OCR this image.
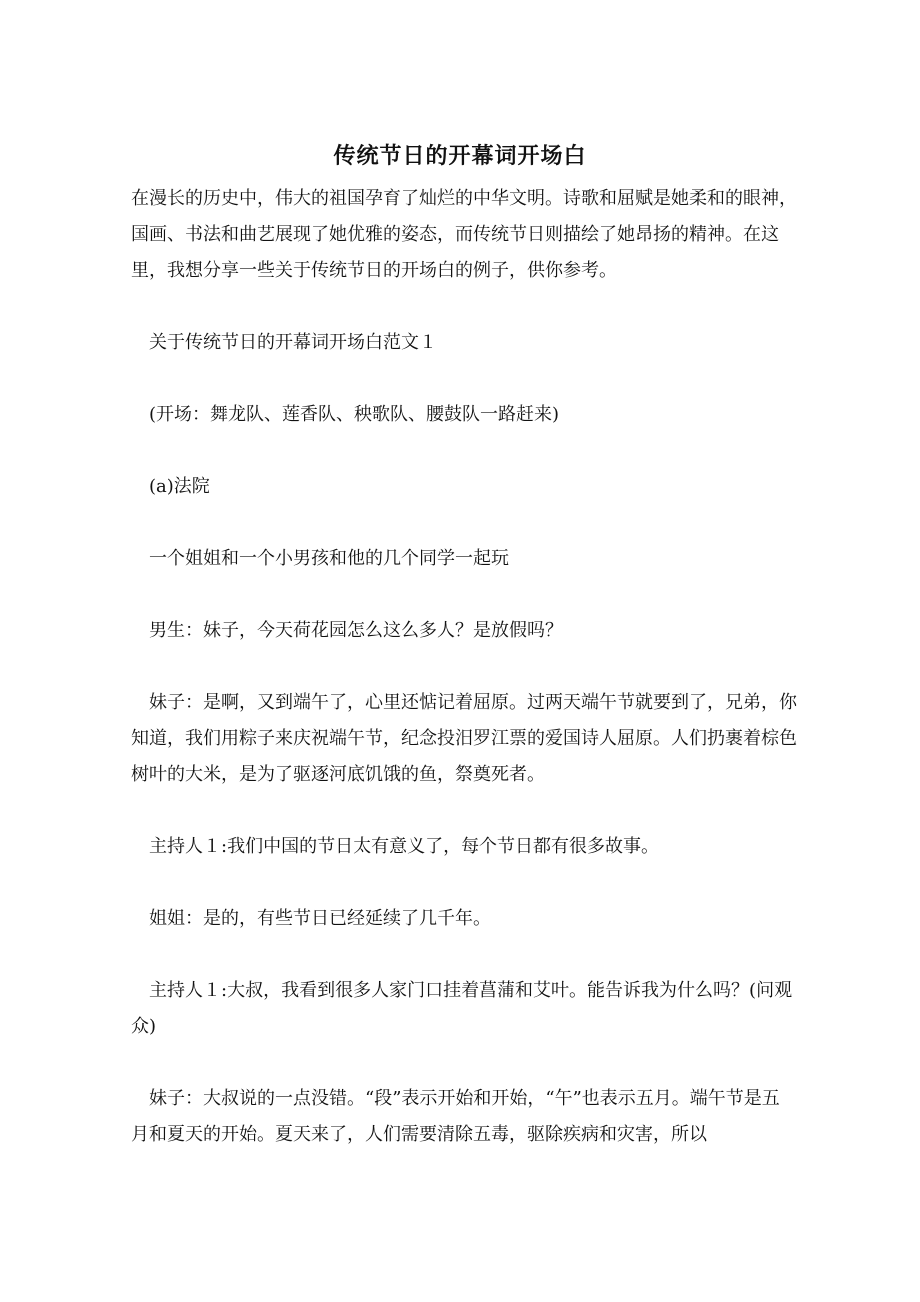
传统节日的开幕词开场白

在漫长的历史中，伟大的祖国孕育了灿烂的中华文明。诗歌和屈赋是她柔和的眼神，国画、书法和曲艺展现了她优雅的姿态，而传统节日则描绘了她昂扬的精神。在这里，我想分享一些关于传统节日的开场白的例子，供你参考。

　关于传统节日的开幕词开场白范文１

　(开场：舞龙队、莲香队、秧歌队、腰鼓队一路赶来)

　(a)法院

　一个姐姐和一个小男孩和他的几个同学一起玩

　男生：妹子，今天荷花园怎么这么多人？是放假吗？

　妹子：是啊，又到端午了，心里还惦记着屈原。过两天端午节就要到了，兄弟，你知道，我们用粽子来庆祝端午节，纪念投汨罗江票的爱国诗人屈原。人们扔裹着棕色树叶的大米，是为了驱逐河底饥饿的鱼，祭奠死者。

　主持人１:我们中国的节日太有意义了，每个节日都有很多故事。

　姐姐：是的，有些节日已经延续了几千年。

　主持人１:大叔，我看到很多人家门口挂着菖蒲和艾叶。能告诉我为什么吗？(问观众)

　妹子：大叔说的一点没错。“段”表示开始和开始，“午”也表示五月。端午节是五月和夏天的开始。夏天来了，人们需要清除五毒，驱除疾病和灾害，所以
